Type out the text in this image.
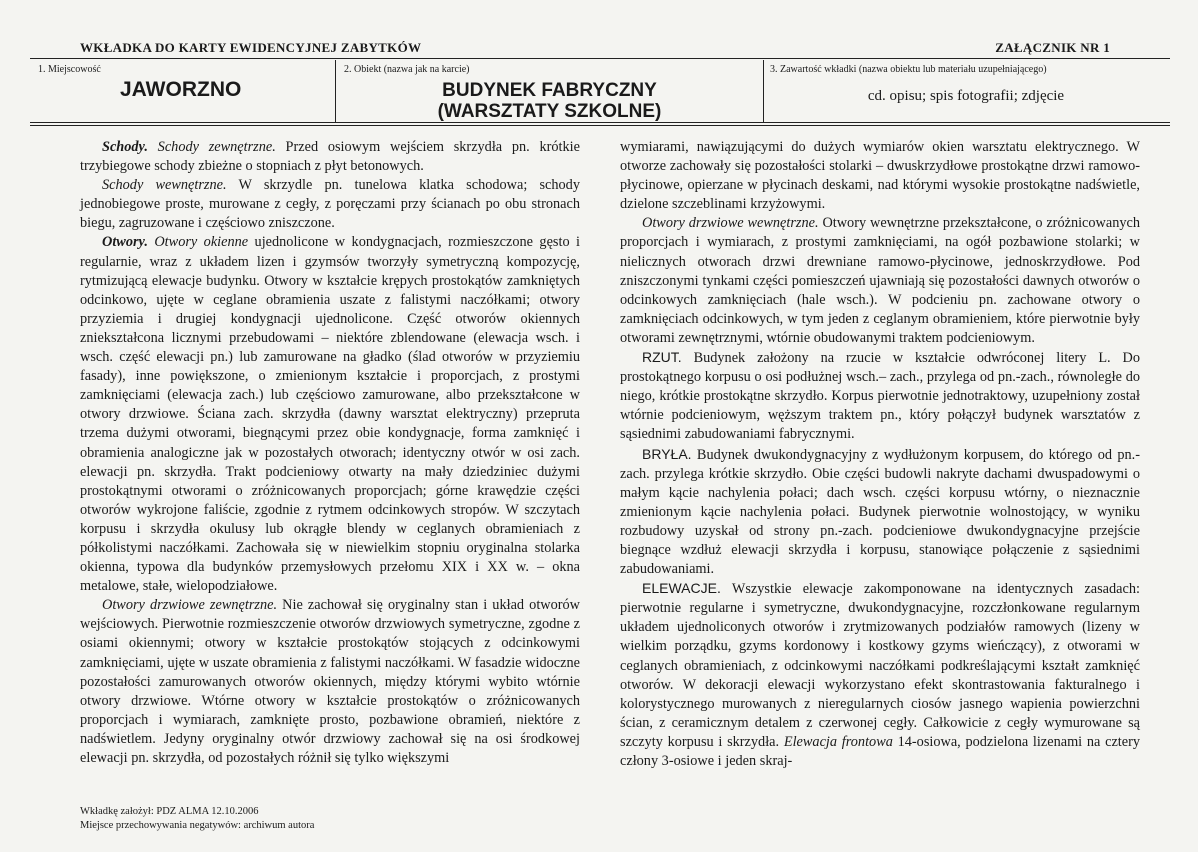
WKŁADKA DO KARTY EWIDENCYJNEJ ZABYTKÓW	ZAŁĄCZNIK NR 1
1. Miejscowość
JAWORZNO
2. Obiekt (nazwa jak na karcie)
BUDYNEK FABRYCZNY
(WARSZTATY SZKOLNE)
3. Zawartość wkładki (nazwa obiektu lub materiału uzupełniającego)
cd. opisu; spis fotografii; zdjęcie

Schody. Schody zewnętrzne. Przed osiowym wejściem skrzydła pn. krótkie trzybiegowe schody zbieżne o stopniach z płyt betonowych.

Schody wewnętrzne. W skrzydle pn. tunelowa klatka schodowa; schody jednobiegowe proste, murowane z cegły, z poręczami przy ścianach po obu stronach biegu, zagruzowane i częściowo zniszczone.

Otwory. Otwory okienne ujednolicone w kondygnacjach, rozmieszczone gęsto i regularnie, wraz z układem lizen i gzymsów tworzyły symetryczną kompozycję, rytmizującą elewacje budynku. Otwory w kształcie krępych prostokątów zamkniętych odcinkowo, ujęte w ceglane obramienia uszate z falistymi naczółkami; otwory przyziemia i drugiej kondygnacji ujednolicone. Część otworów okiennych zniekształcona licznymi przebudowami – niektóre zblendowane (elewacja wsch. i wsch. część elewacji pn.) lub zamurowane na gładko (ślad otworów w przyziemiu fasady), inne powiększone, o zmienionym kształcie i proporcjach, z prostymi zamknięciami (elewacja zach.) lub częściowo zamurowane, albo przekształcone w otwory drzwiowe. Ściana zach. skrzydła (dawny warsztat elektryczny) przepruta trzema dużymi otworami, biegnącymi przez obie kondygnacje, forma zamknięć i obramienia analogiczne jak w pozostałych otworach; identyczny otwór w osi zach. elewacji pn. skrzydła. Trakt podcieniowy otwarty na mały dziedziniec dużymi prostokątnymi otworami o zróżnicowanych proporcjach; górne krawędzie części otworów wykrojone faliście, zgodnie z rytmem odcinkowych stropów. W szczytach korpusu i skrzydła okulusy lub okrągłe blendy w ceglanych obramieniach z półkolistymi naczółkami. Zachowała się w niewielkim stopniu oryginalna stolarka okienna, typowa dla budynków przemysłowych przełomu XIX i XX w. – okna metalowe, stałe, wielopodziałowe.

Otwory drzwiowe zewnętrzne. Nie zachował się oryginalny stan i układ otworów wejściowych. Pierwotnie rozmieszczenie otworów drzwiowych symetryczne, zgodne z osiami okiennymi; otwory w kształcie prostokątów stojących z odcinkowymi zamknięciami, ujęte w uszate obramienia z falistymi naczółkami. W fasadzie widoczne pozostałości zamurowanych otworów okiennych, między którymi wybito wtórnie otwory drzwiowe. Wtórne otwory w kształcie prostokątów o zróżnicowanych proporcjach i wymiarach, zamknięte prosto, pozbawione obramień, niektóre z nadświetlem. Jedyny oryginalny otwór drzwiowy zachował się na osi środkowej elewacji pn. skrzydła, od pozostałych różnił się tylko większymi

wymiarami, nawiązującymi do dużych wymiarów okien warsztatu elektrycznego. W otworze zachowały się pozostałości stolarki – dwuskrzydłowe prostokątne drzwi ramowo-płycinowe, opierzane w płycinach deskami, nad którymi wysokie prostokątne nadświetle, dzielone szczeblinami krzyżowymi.

Otwory drzwiowe wewnętrzne. Otwory wewnętrzne przekształcone, o zróżnicowanych proporcjach i wymiarach, z prostymi zamknięciami, na ogół pozbawione stolarki; w nielicznych otworach drzwi drewniane ramowo-płycinowe, jednoskrzydłowe. Pod zniszczonymi tynkami części pomieszczeń ujawniają się pozostałości dawnych otworów o odcinkowych zamknięciach (hale wsch.). W podcieniu pn. zachowane otwory o zamknięciach odcinkowych, w tym jeden z ceglanym obramieniem, które pierwotnie były otworami zewnętrznymi, wtórnie obudowanymi traktem podcieniowym.

RZUT. Budynek założony na rzucie w kształcie odwróconej litery L. Do prostokątnego korpusu o osi podłużnej wsch.– zach., przylega od pn.-zach., równoległe do niego, krótkie prostokątne skrzydło. Korpus pierwotnie jednotraktowy, uzupełniony został wtórnie podcieniowym, węższym traktem pn., który połączył budynek warsztatów z sąsiednimi zabudowaniami fabrycznymi.

BRYŁA. Budynek dwukondygnacyjny z wydłużonym korpusem, do którego od pn.-zach. przylega krótkie skrzydło. Obie części budowli nakryte dachami dwuspadowymi o małym kącie nachylenia połaci; dach wsch. części korpusu wtórny, o nieznacznie zmienionym kącie nachylenia połaci. Budynek pierwotnie wolnostojący, w wyniku rozbudowy uzyskał od strony pn.-zach. podcieniowe dwukondygnacyjne przejście biegnące wzdłuż elewacji skrzydła i korpusu, stanowiące połączenie z sąsiednimi zabudowaniami.

ELEWACJE. Wszystkie elewacje zakomponowane na identycznych zasadach: pierwotnie regularne i symetryczne, dwukondygnacyjne, rozczłonkowane regularnym układem ujednoliconych otworów i zrytmizowanych podziałów ramowych (lizeny w wielkim porządku, gzyms kordonowy i kostkowy gzyms wieńczący), z otworami w ceglanych obramieniach, z odcinkowymi naczółkami podkreślającymi kształt zamknięć otworów. W dekoracji elewacji wykorzystano efekt skontrastowania fakturalnego i kolorystycznego murowanych z nieregularnych ciosów jasnego wapienia powierzchni ścian, z ceramicznym detalem z czerwonej cegły. Całkowicie z cegły wymurowane są szczyty korpusu i skrzydła. Elewacja frontowa 14-osiowa, podzielona lizenami na cztery człony 3-osiowe i jeden skraj-

Wkładkę założył: PDZ ALMA 12.10.2006
Miejsce przechowywania negatywów: archiwum autora
